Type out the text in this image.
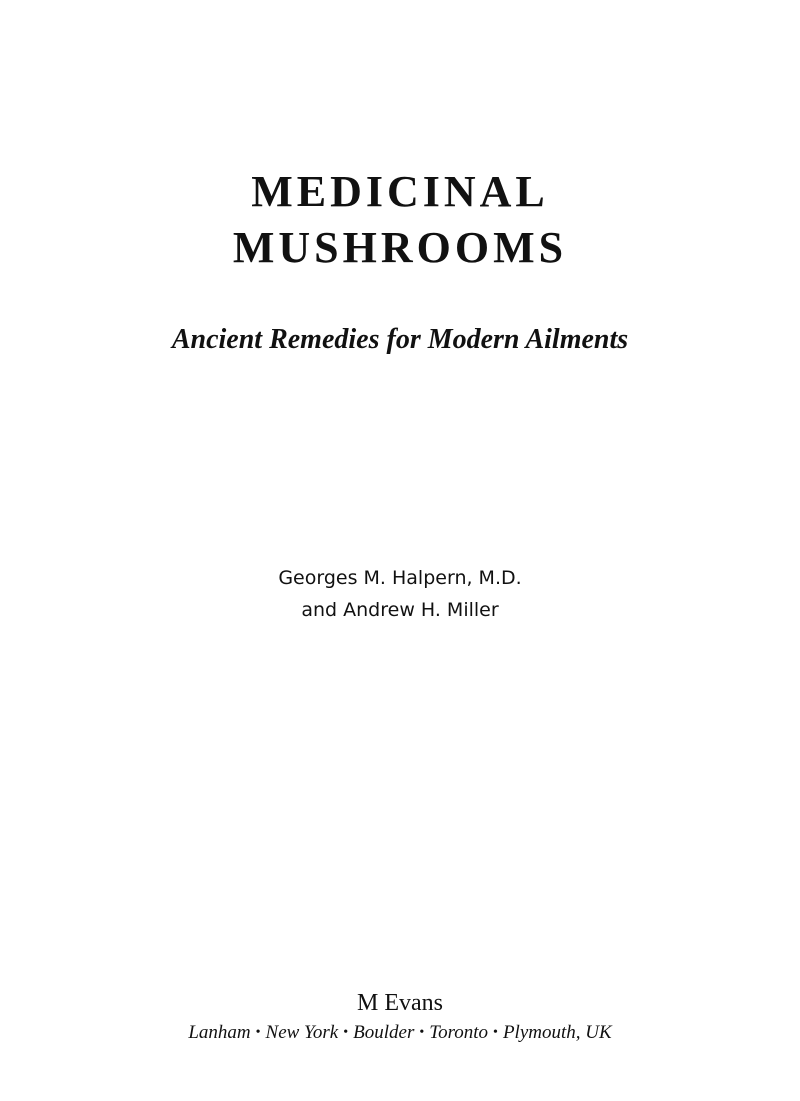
MEDICINAL
MUSHROOMS
Ancient Remedies for Modern Ailments
Georges M. Halpern, M.D.
and Andrew H. Miller
M Evans
Lanham • New York • Boulder • Toronto • Plymouth, UK
